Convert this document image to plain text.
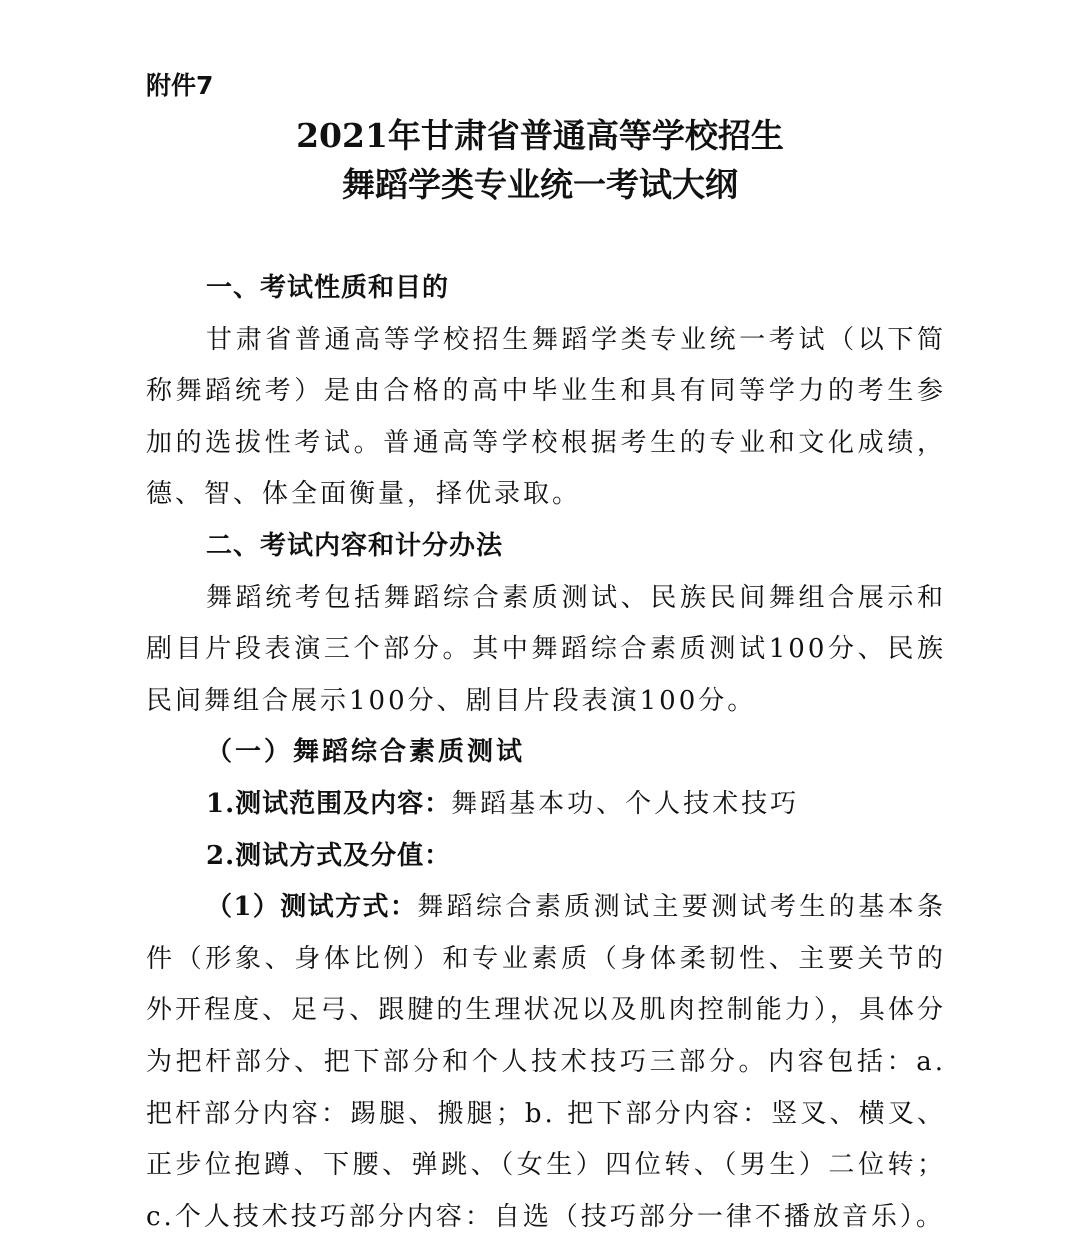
附件7

2021年甘肃省普通高等学校招生
舞蹈学类专业统一考试大纲

一、考试性质和目的

甘肃省普通高等学校招生舞蹈学类专业统一考试（以下简称舞蹈统考）是由合格的高中毕业生和具有同等学力的考生参加的选拔性考试。普通高等学校根据考生的专业和文化成绩，德、智、体全面衡量，择优录取。

二、考试内容和计分办法

舞蹈统考包括舞蹈综合素质测试、民族民间舞组合展示和剧目片段表演三个部分。其中舞蹈综合素质测试100分、民族民间舞组合展示100分、剧目片段表演100分。

（一）舞蹈综合素质测试

1.测试范围及内容：舞蹈基本功、个人技术技巧

2.测试方式及分值：

（1）测试方式：舞蹈综合素质测试主要测试考生的基本条件（形象、身体比例）和专业素质（身体柔韧性、主要关节的外开程度、足弓、跟腱的生理状况以及肌肉控制能力），具体分为把杆部分、把下部分和个人技术技巧三部分。内容包括：a.把杆部分内容：踢腿、搬腿；b. 把下部分内容：竖叉、横叉、正步位抱蹲、下腰、弹跳、（女生）四位转、（男生）二位转；c.个人技术技巧部分内容：自选（技巧部分一律不播放音乐）。
